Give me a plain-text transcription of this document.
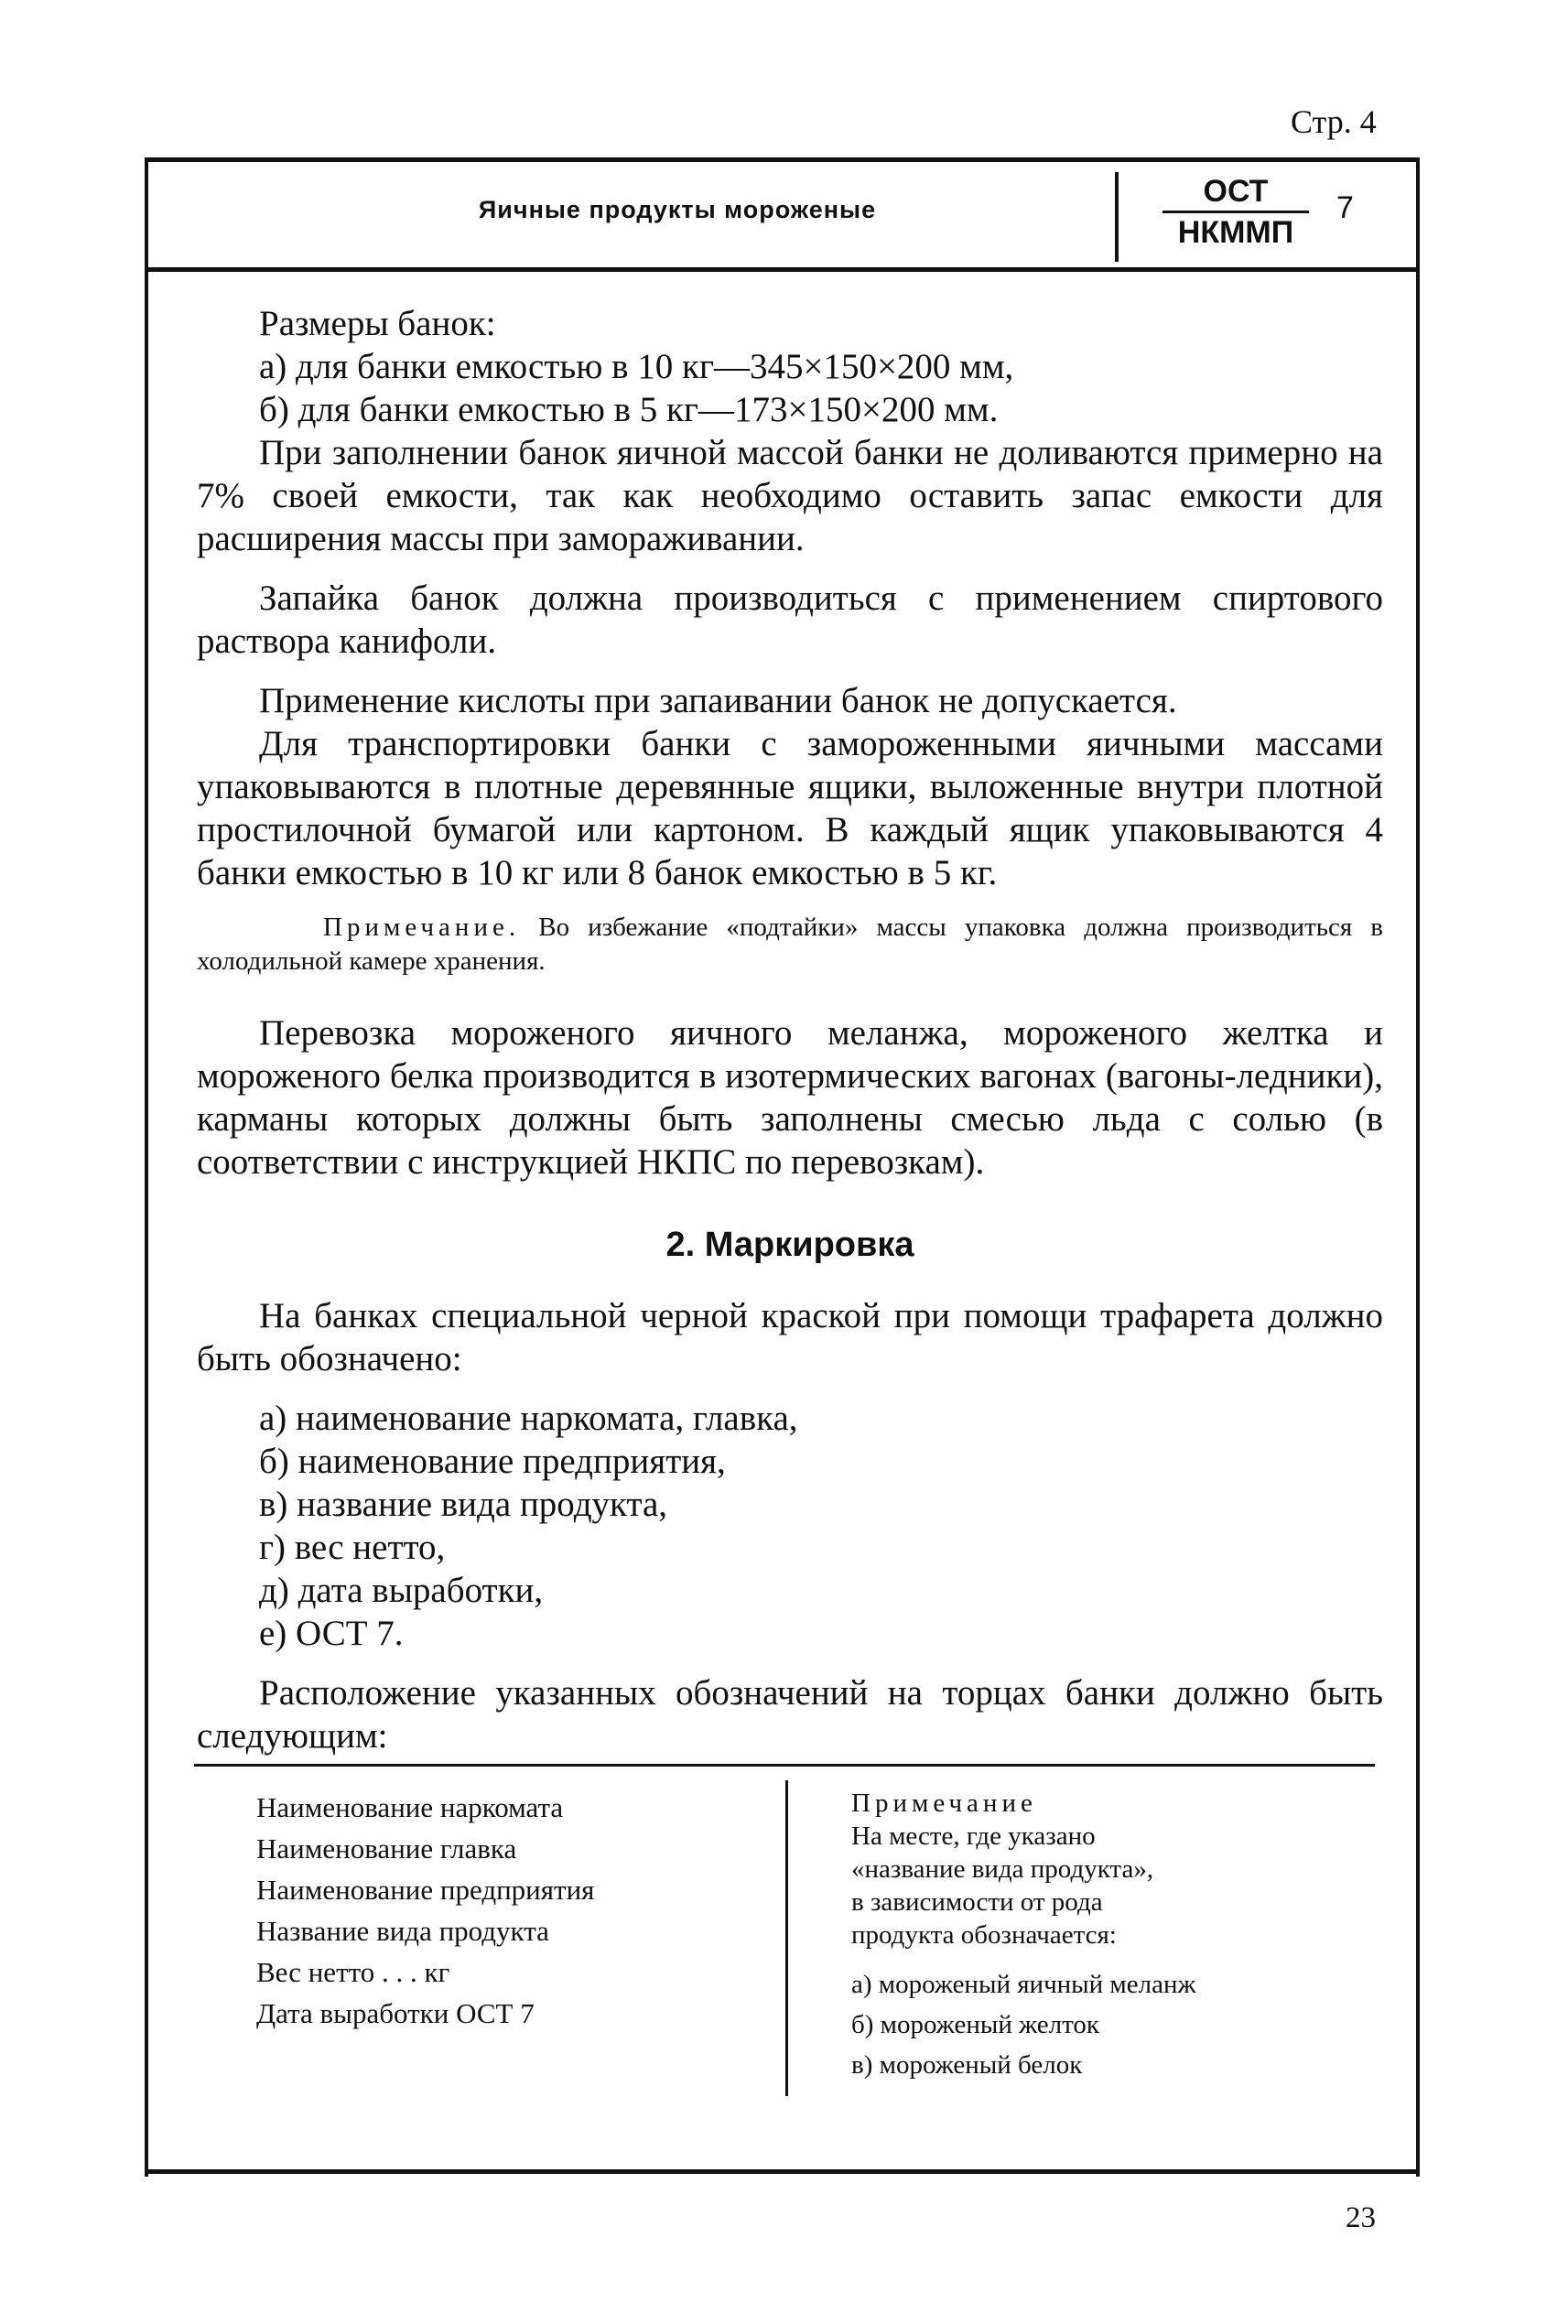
Стр. 4
Яичные продукты мороженые
ОСТ
НКММП
7

Размеры банок:

а) для банки емкостью в 10 кг—345×150×200 мм,

б) для банки емкостью в 5 кг—173×150×200 мм.

При заполнении банок яичной массой банки не доливаются примерно на 7% своей емкости, так как необходимо оставить запас емкости для расширения массы при замораживании.

Запайка банок должна производиться с применением спиртового раствора канифоли.

Применение кислоты при запаивании банок не допускается.

Для транспортировки банки с замороженными яичными массами упаковываются в плотные деревянные ящики, выложенные внутри плотной простилочной бумагой или картоном. В каждый ящик упаковываются 4 банки емкостью в 10 кг или 8 банок емкостью в 5 кг.

Примечание. Во избежание «подтайки» массы упаковка должна производиться в холодильной камере хранения.

Перевозка мороженого яичного меланжа, мороженого желтка и мороженого белка производится в изотермических вагонах (вагоны-ледники), карманы которых должны быть заполнены смесью льда с солью (в соответствии с инструкцией НКПС по перевозкам).

2. Маркировка

На банках специальной черной краской при помощи трафарета должно быть обозначено:

а) наименование наркомата, главка,

б) наименование предприятия,

в) название вида продукта,

г) вес нетто,

д) дата выработки,

е) ОСТ 7.

Расположение указанных обозначений на торцах банки должно быть следующим:

Наименование наркомата
Наименование главка
Наименование предприятия
Название вида продукта
Вес нетто . . . кг
Дата выработки ОСТ 7
Примечание
На месте, где указано
«название вида продукта»,
в зависимости от рода
продукта обозначается:
а) мороженый яичный меланж
б) мороженый желток
в) мороженый белок
23
